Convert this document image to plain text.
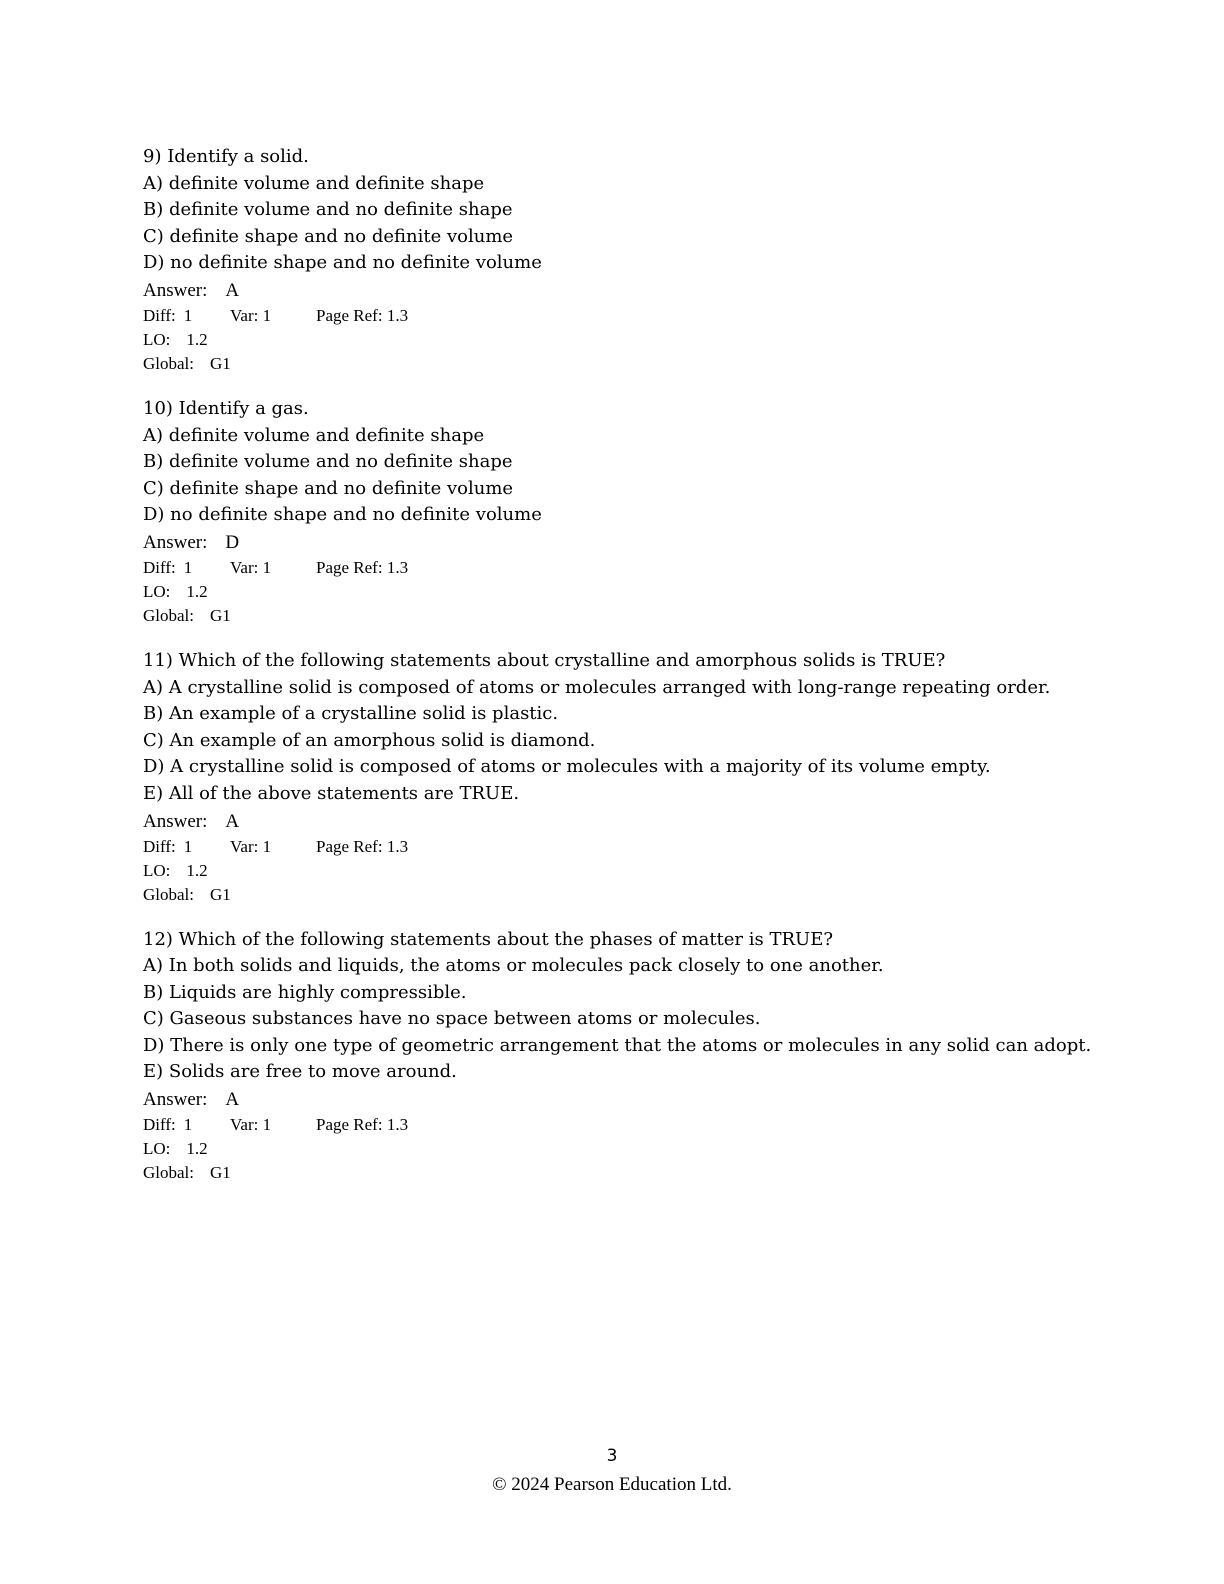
9) Identify a solid.
A) definite volume and definite shape
B) definite volume and no definite shape
C) definite shape and no definite volume
D) no definite shape and no definite volume
Answer: A
Diff: 1 Var: 1	Page Ref: 1.3
LO: 1.2
Global: G1
10) Identify a gas.
A) definite volume and definite shape
B) definite volume and no definite shape
C) definite shape and no definite volume
D) no definite shape and no definite volume
Answer: D
Diff: 1 Var: 1	Page Ref: 1.3
LO: 1.2
Global: G1
11) Which of the following statements about crystalline and amorphous solids is TRUE?
A) A crystalline solid is composed of atoms or molecules arranged with long-range repeating order.
B) An example of a crystalline solid is plastic.
C) An example of an amorphous solid is diamond.
D) A crystalline solid is composed of atoms or molecules with a majority of its volume empty.
E) All of the above statements are TRUE.
Answer: A
Diff: 1 Var: 1	Page Ref: 1.3
LO: 1.2
Global: G1
12) Which of the following statements about the phases of matter is TRUE?
A) In both solids and liquids, the atoms or molecules pack closely to one another.
B) Liquids are highly compressible.
C) Gaseous substances have no space between atoms or molecules.
D) There is only one type of geometric arrangement that the atoms or molecules in any solid can adopt.
E) Solids are free to move around.
Answer: A
Diff: 1 Var: 1	Page Ref: 1.3
LO: 1.2
Global: G1
3
© 2024 Pearson Education Ltd.
